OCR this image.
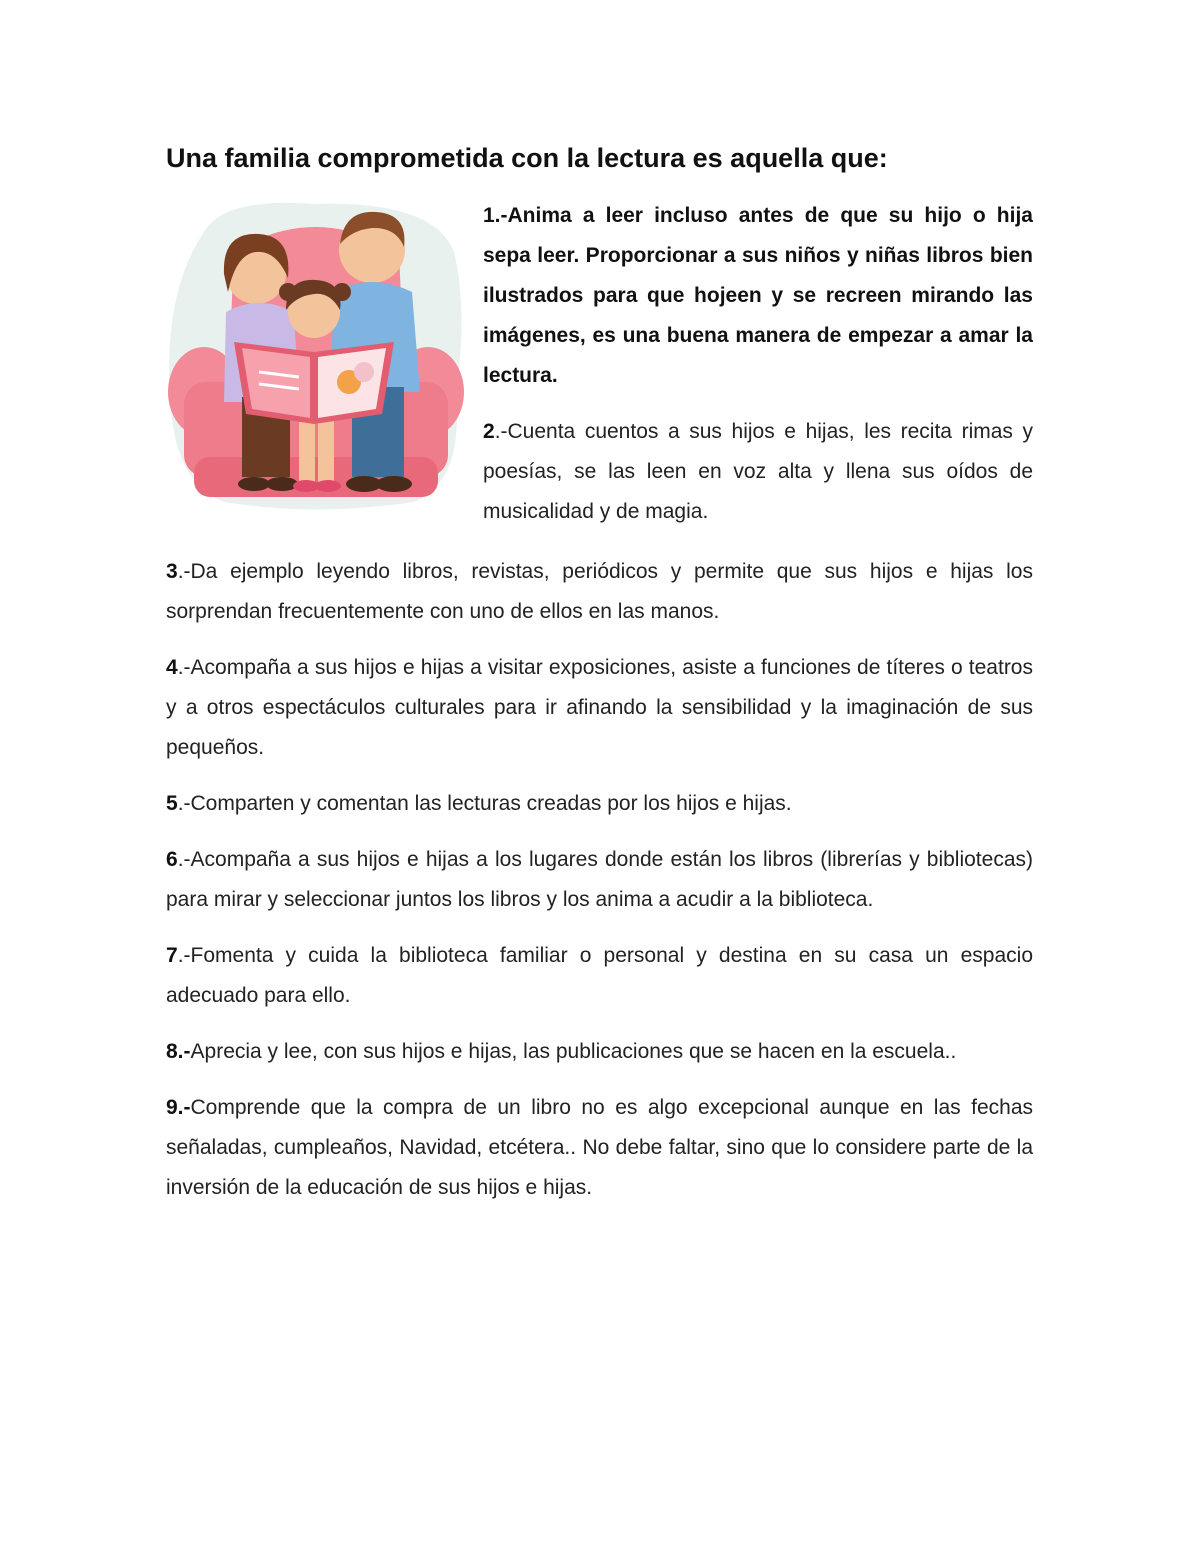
Una familia comprometida con la lectura es aquella que:

1.-Anima a leer incluso antes de que su hijo o hija sepa leer. Proporcionar a sus niños y niñas libros bien ilustrados para que hojeen y se recreen mirando las imágenes, es una buena manera de empezar a amar la lectura.

2.-Cuenta cuentos a sus hijos e hijas, les recita rimas y poesías, se las leen en voz alta y llena sus oídos de musicalidad y de magia.

3.-Da ejemplo leyendo libros, revistas, periódicos y permite que sus hijos e hijas los sorprendan frecuentemente con uno de ellos en las manos.

4.-Acompaña a sus hijos e hijas a visitar exposiciones, asiste a funciones de títeres o teatros y a otros espectáculos culturales para ir afinando la sensibilidad y la imaginación de sus pequeños.

5.-Comparten y comentan las lecturas creadas por los hijos e hijas.

6.-Acompaña a sus hijos e hijas a los lugares donde están los libros (librerías y bibliotecas) para mirar y seleccionar juntos los libros y los anima a acudir a la biblioteca.

7.-Fomenta y cuida la biblioteca familiar o personal y destina en su casa un espacio adecuado para ello.

8.-Aprecia y lee, con sus hijos e hijas, las publicaciones que se hacen en la escuela..

9.-Comprende que la compra de un libro no es algo excepcional aunque en las fechas señaladas, cumpleaños, Navidad, etcétera.. No debe faltar, sino que lo considere parte de la inversión de la educación de sus hijos e hijas.
